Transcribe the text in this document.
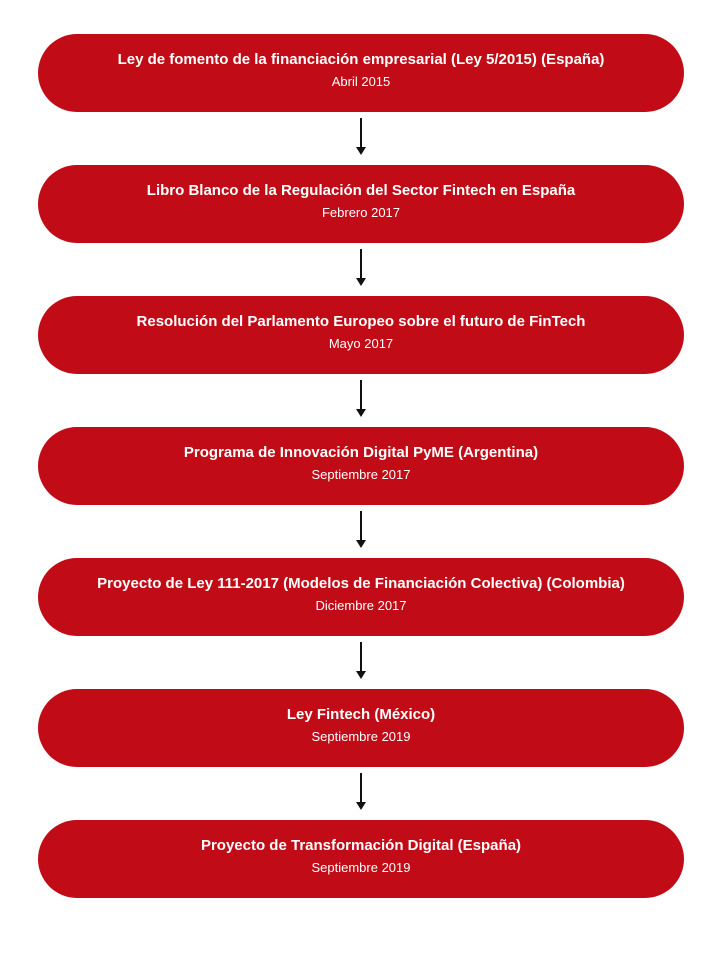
Ley de fomento de la financiación empresarial (Ley 5/2015) (España)
Abril 2015
Libro Blanco de la Regulación del Sector Fintech en España
Febrero 2017
Resolución del Parlamento Europeo sobre el futuro de FinTech
Mayo 2017
Programa de Innovación Digital PyME (Argentina)
Septiembre 2017
Proyecto de Ley 111-2017 (Modelos de Financiación Colectiva) (Colombia)
Diciembre 2017
Ley Fintech (México)
Septiembre 2019
Proyecto de Transformación Digital (España)
Septiembre 2019
